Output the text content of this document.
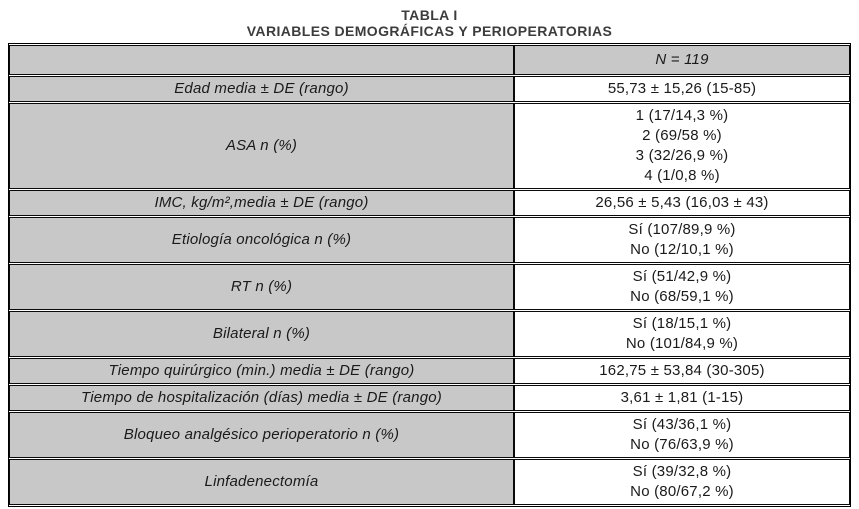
TABLA I
VARIABLES DEMOGRÁFICAS Y PERIOPERATORIAS
	N = 119
Edad media ± DE (rango)	55,73 ± 15,26 (15-85)

ASA n (%)	1 (17/14,3 %)
2 (69/58 %)
3 (32/26,9 %)
4 (1/0,8 %)

IMC, kg/m²,media ± DE (rango)	26,56 ± 5,43 (16,03 ± 43)

Etiología oncológica n (%)	Sí (107/89,9 %)
No (12/10,1 %)

RT n (%)	Sí (51/42,9 %)
No (68/59,1 %)

Bilateral n (%)	Sí (18/15,1 %)
No (101/84,9 %)

Tiempo quirúrgico (min.) media ± DE (rango)	162,75 ± 53,84 (30-305)

Tiempo de hospitalización (días) media ± DE (rango)	3,61 ± 1,81 (1-15)

Bloqueo analgésico perioperatorio n (%)	Sí (43/36,1 %)
No (76/63,9 %)

Linfadenectomía	Sí (39/32,8 %)
No (80/67,2 %)
